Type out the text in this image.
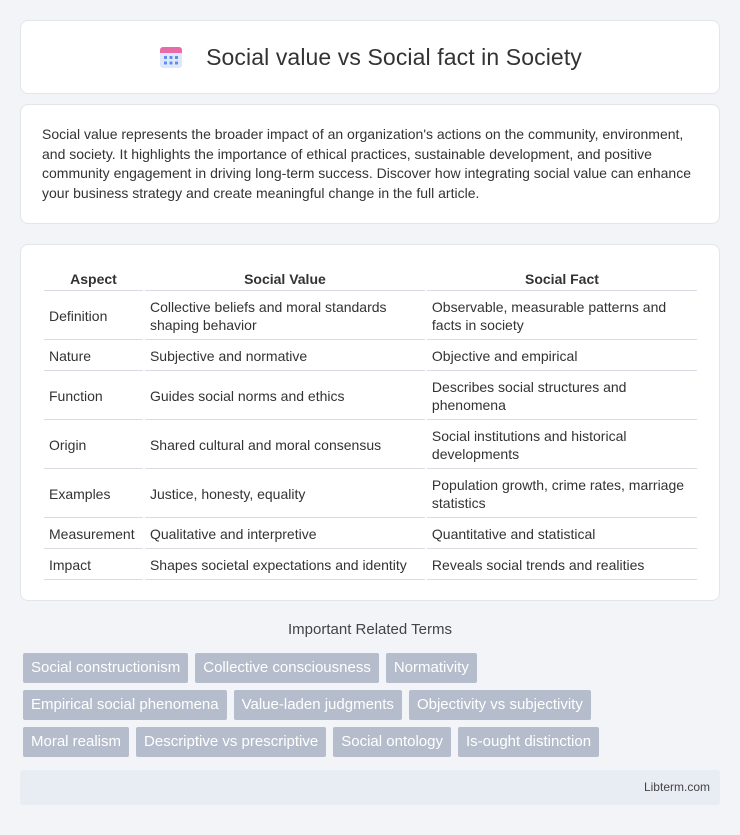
Social value vs Social fact in Society

Social value represents the broader impact of an organization's actions on the community, environment, and society. It highlights the importance of ethical practices, sustainable development, and positive community engagement in driving long-term success. Discover how integrating social value can enhance your business strategy and create meaningful change in the full article.

Aspect	Social Value	Social Fact
Definition	Collective beliefs and moral standards shaping behavior	Observable, measurable patterns and facts in society
Nature	Subjective and normative	Objective and empirical
Function	Guides social norms and ethics	Describes social structures and phenomena
Origin	Shared cultural and moral consensus	Social institutions and historical developments
Examples	Justice, honesty, equality	Population growth, crime rates, marriage statistics
Measurement	Qualitative and interpretive	Quantitative and statistical
Impact	Shapes societal expectations and identity	Reveals social trends and realities
Important Related Terms
Social constructionism	Collective consciousness	Normativity
Empirical social phenomena	Value-laden judgments	Objectivity vs subjectivity
Moral realism	Descriptive vs prescriptive	Social ontology	Is-ought distinction
Libterm.com
